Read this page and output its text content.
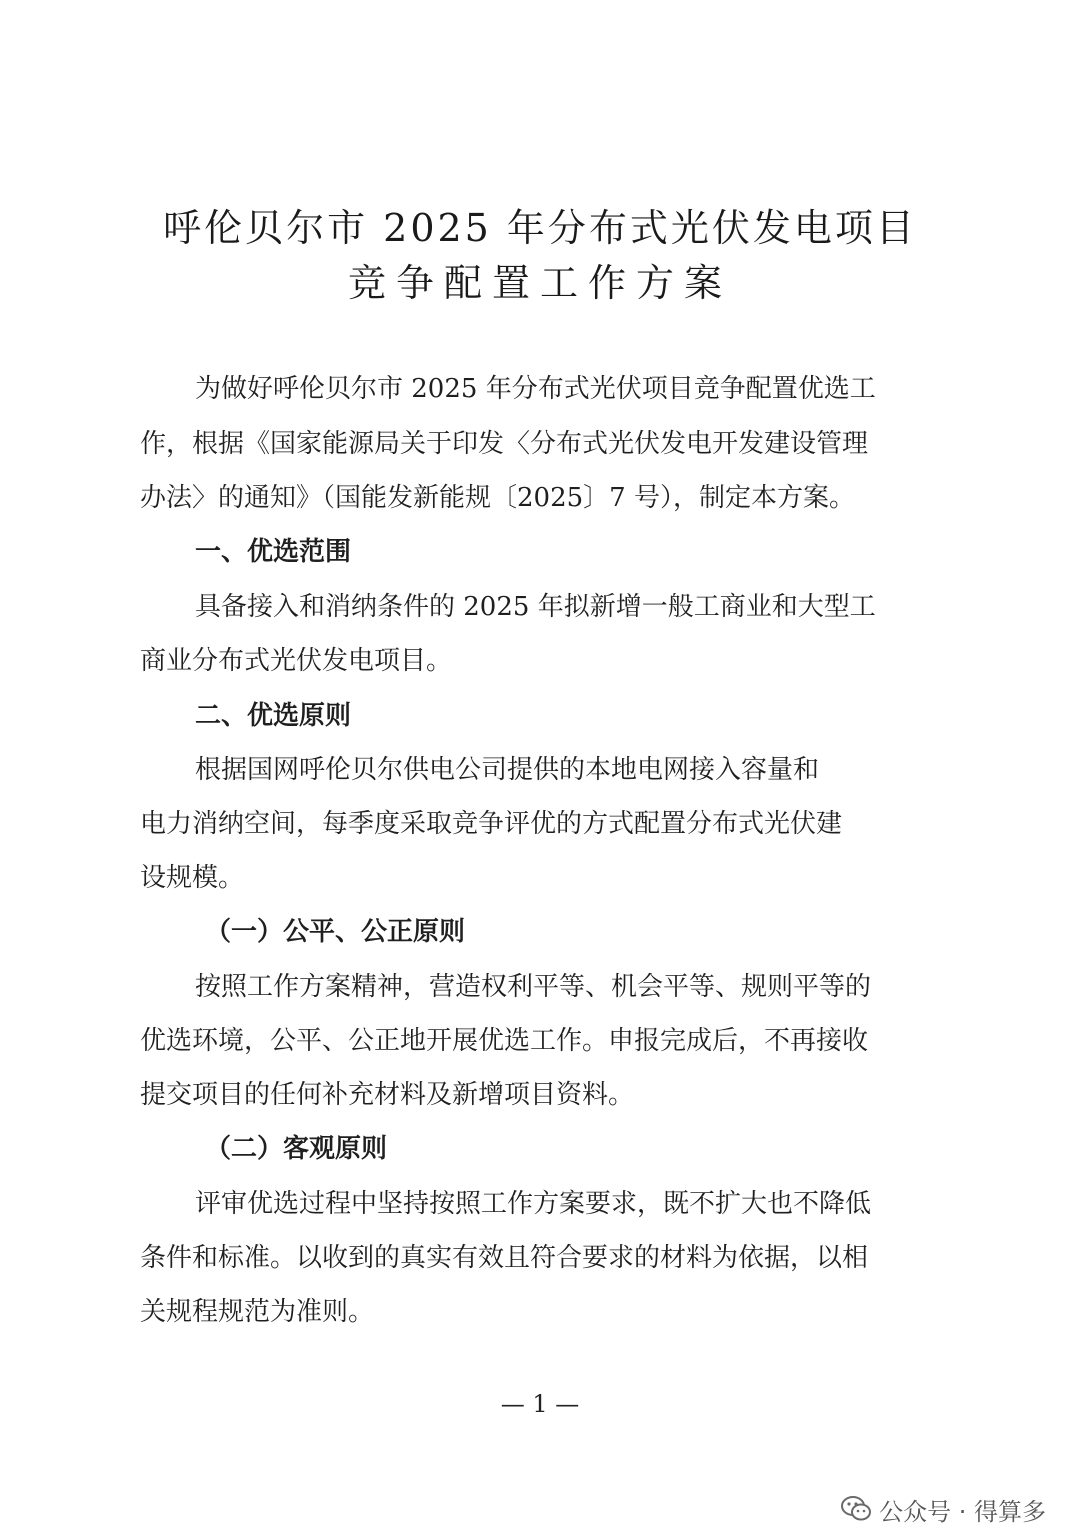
呼伦贝尔市 2025 年分布式光伏发电项目
竞争配置工作方案
为做好呼伦贝尔市 2025 年分布式光伏项目竞争配置优选工
作，根据《国家能源局关于印发〈分布式光伏发电开发建设管理
办法〉的通知》（国能发新能规〔2025〕7 号），制定本方案。
一、优选范围
具备接入和消纳条件的 2025 年拟新增一般工商业和大型工
商业分布式光伏发电项目。
二、优选原则
根据国网呼伦贝尔供电公司提供的本地电网接入容量和
电力消纳空间，每季度采取竞争评优的方式配置分布式光伏建
设规模。
（一）公平、公正原则
按照工作方案精神，营造权利平等、机会平等、规则平等的
优选环境，公平、公正地开展优选工作。申报完成后，不再接收
提交项目的任何补充材料及新增项目资料。
（二）客观原则
评审优选过程中坚持按照工作方案要求，既不扩大也不降低
条件和标准。以收到的真实有效且符合要求的材料为依据，以相
关规程规范为准则。
— 1 —
公众号 · 得算多
